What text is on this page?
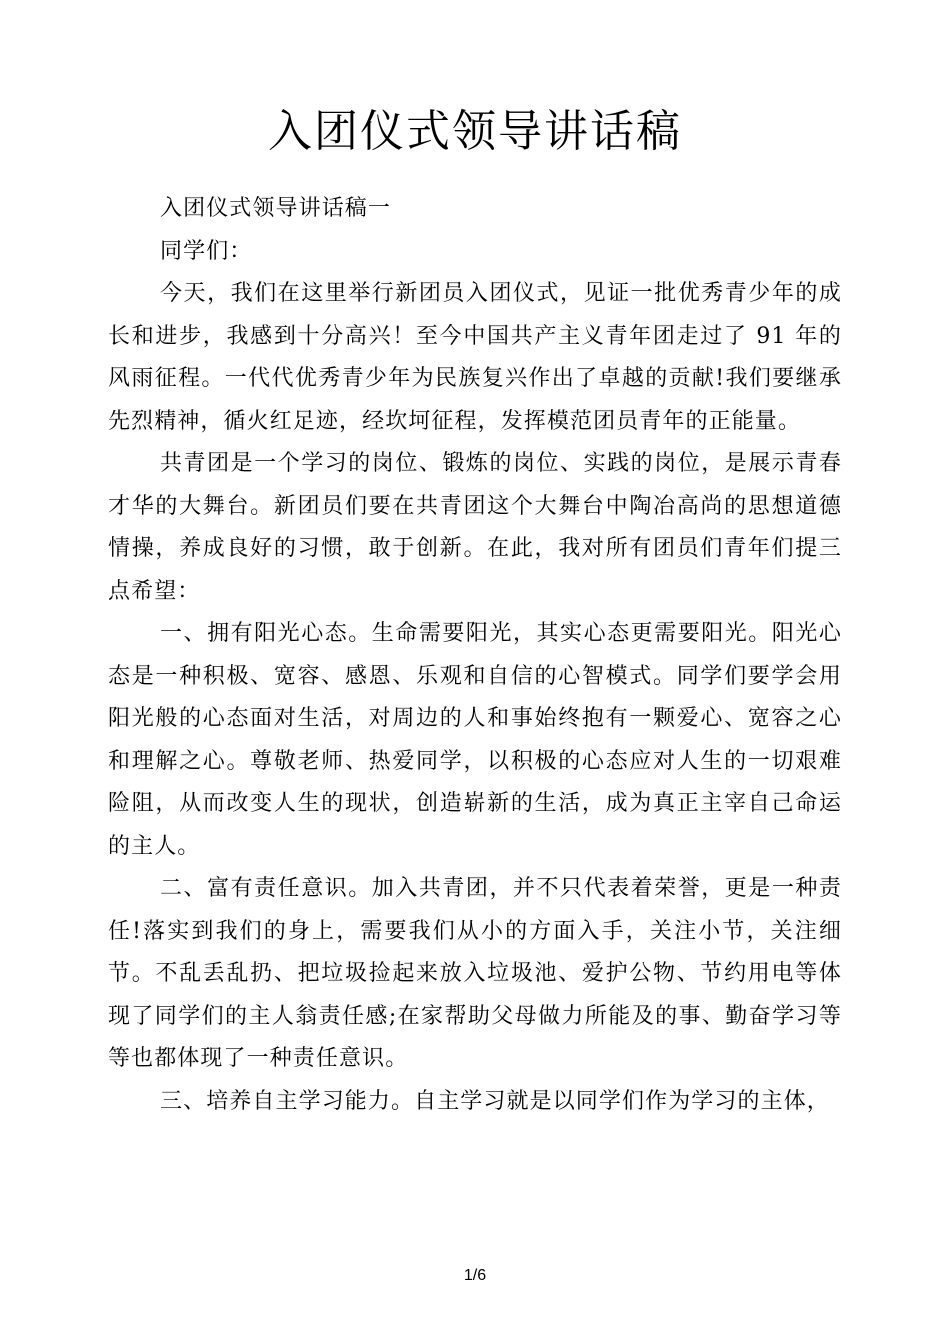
入团仪式领导讲话稿

入团仪式领导讲话稿一

同学们：

今天，我们在这里举行新团员入团仪式，见证一批优秀青少年的成长和进步，我感到十分高兴！至今中国共产主义青年团走过了 91 年的风雨征程。一代代优秀青少年为民族复兴作出了卓越的贡献!我们要继承先烈精神，循火红足迹，经坎坷征程，发挥模范团员青年的正能量。

共青团是一个学习的岗位、锻炼的岗位、实践的岗位，是展示青春才华的大舞台。新团员们要在共青团这个大舞台中陶冶高尚的思想道德情操，养成良好的习惯，敢于创新。在此，我对所有团员们青年们提三点希望：

一、拥有阳光心态。生命需要阳光，其实心态更需要阳光。阳光心态是一种积极、宽容、感恩、乐观和自信的心智模式。同学们要学会用阳光般的心态面对生活，对周边的人和事始终抱有一颗爱心、宽容之心和理解之心。尊敬老师、热爱同学，以积极的心态应对人生的一切艰难险阻，从而改变人生的现状，创造崭新的生活，成为真正主宰自己命运的主人。

二、富有责任意识。加入共青团，并不只代表着荣誉，更是一种责任!落实到我们的身上，需要我们从小的方面入手，关注小节，关注细节。不乱丢乱扔、把垃圾捡起来放入垃圾池、爱护公物、节约用电等体现了同学们的主人翁责任感;在家帮助父母做力所能及的事、勤奋学习等等也都体现了一种责任意识。

三、培养自主学习能力。自主学习就是以同学们作为学习的主体，

1/6
